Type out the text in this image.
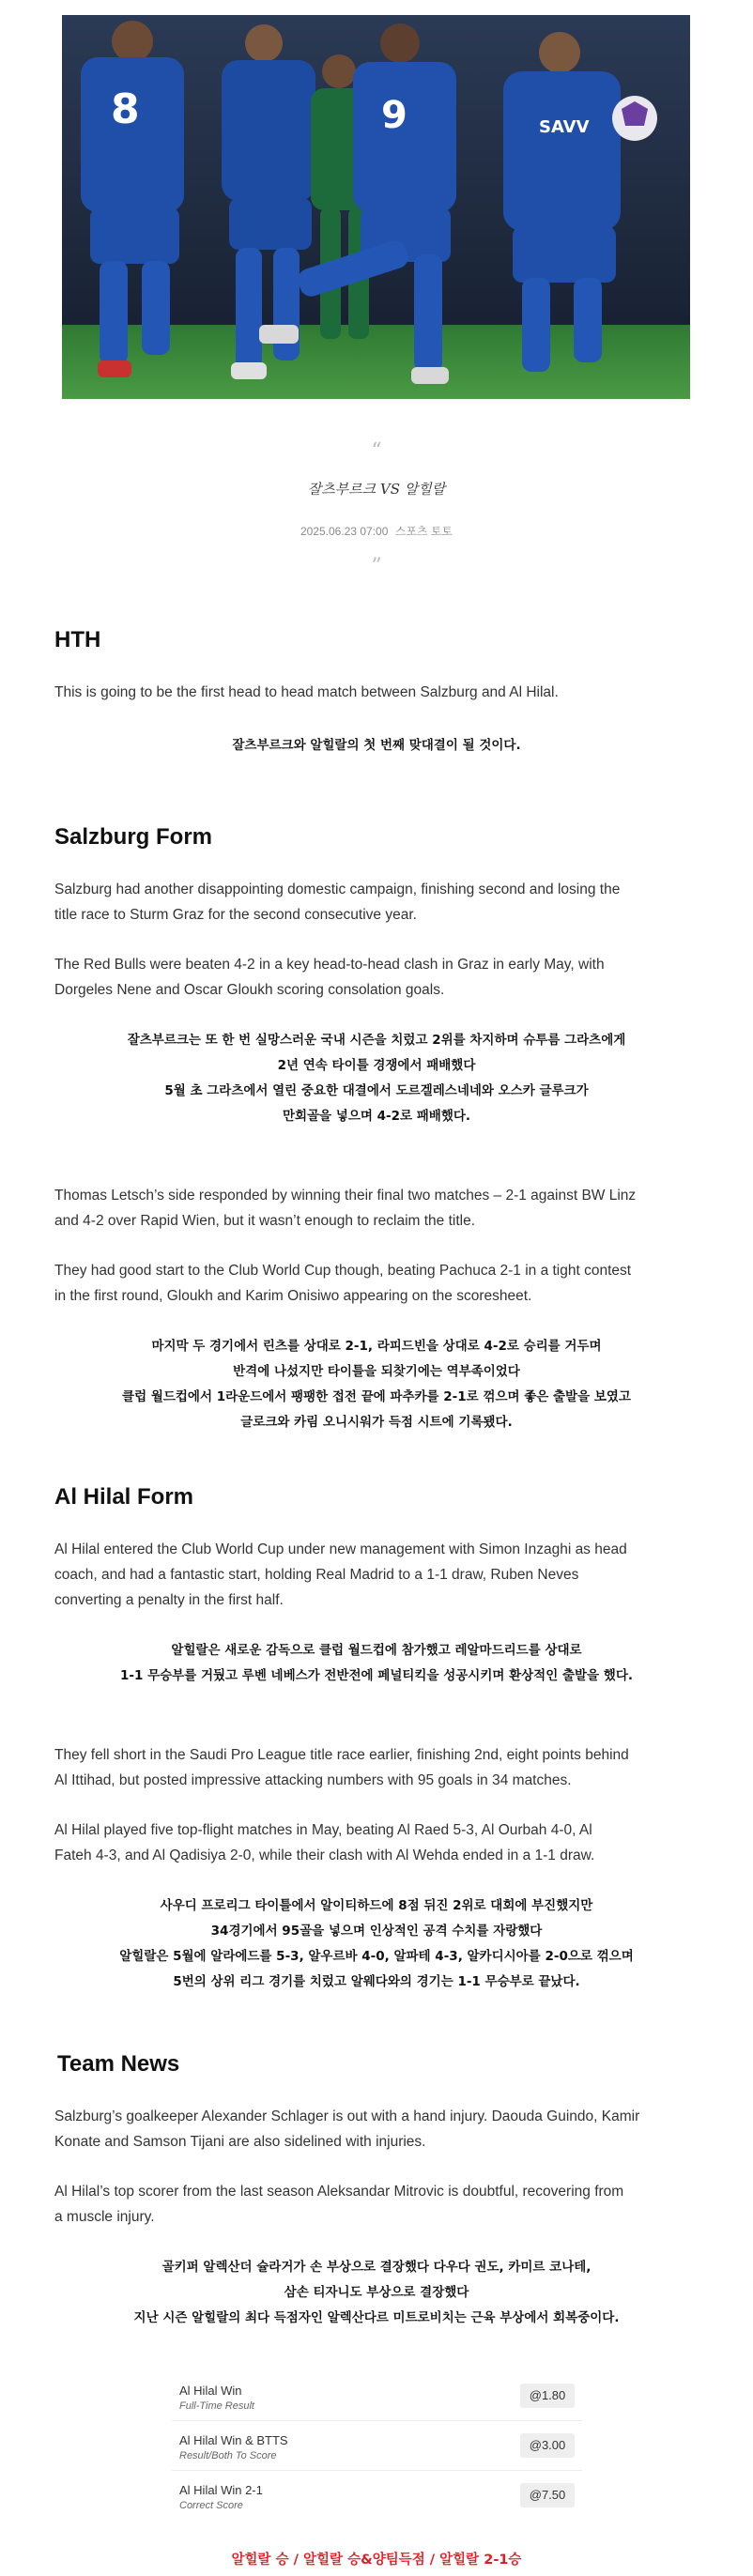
8	9	SAVV
“
잘츠부르크 VS 알힐랄
2025.06.23 07:00 스포츠 토토
”
HTH
This is going to be the first head to head match between Salzburg and Al Hilal.
잘츠부르크와 알힐랄의 첫 번째 맞대결이 될 것이다.
Salzburg Form
Salzburg had another disappointing domestic campaign, finishing second and losing the
title race to Sturm Graz for the second consecutive year.
The Red Bulls were beaten 4-2 in a key head-to-head clash in Graz in early May, with
Dorgeles Nene and Oscar Gloukh scoring consolation goals.
잘츠부르크는 또 한 번 실망스러운 국내 시즌을 치렀고 2위를 차지하며 슈투름 그라츠에게
2년 연속 타이틀 경쟁에서 패배했다
5월 초 그라츠에서 열린 중요한 대결에서 도르겔레스네네와 오스카 글루크가
만회골을 넣으며 4-2로 패배했다.
Thomas Letsch’s side responded by winning their final two matches – 2-1 against BW Linz
and 4-2 over Rapid Wien, but it wasn’t enough to reclaim the title.
They had good start to the Club World Cup though, beating Pachuca 2-1 in a tight contest
in the first round, Gloukh and Karim Onisiwo appearing on the scoresheet.
마지막 두 경기에서 린츠를 상대로 2-1, 라피드빈을 상대로 4-2로 승리를 거두며
반격에 나섰지만 타이틀을 되찾기에는 역부족이었다
클럽 월드컵에서 1라운드에서 팽팽한 접전 끝에 파추카를 2-1로 꺾으며 좋은 출발을 보였고
글로크와 카림 오니시워가 득점 시트에 기록됐다.
Al Hilal Form
Al Hilal entered the Club World Cup under new management with Simon Inzaghi as head
coach, and had a fantastic start, holding Real Madrid to a 1-1 draw, Ruben Neves
converting a penalty in the first half.
알힐랄은 새로운 감독으로 클럽 월드컵에 참가했고 레알마드리드를 상대로
1-1 무승부를 거뒀고 루벤 네베스가 전반전에 페널티킥을 성공시키며 환상적인 출발을 했다.
They fell short in the Saudi Pro League title race earlier, finishing 2nd, eight points behind
Al Ittihad, but posted impressive attacking numbers with 95 goals in 34 matches.
Al Hilal played five top-flight matches in May, beating Al Raed 5-3, Al Ourbah 4-0, Al
Fateh 4-3, and Al Qadisiya 2-0, while their clash with Al Wehda ended in a 1-1 draw.
사우디 프로리그 타이틀에서 알이티하드에 8점 뒤진 2위로 대회에 부진했지만
34경기에서 95골을 넣으며 인상적인 공격 수치를 자랑했다
알힐랄은 5월에 알라에드를 5-3, 알우르바 4-0, 알파테 4-3, 알카디시아를 2-0으로 꺾으며
5번의 상위 리그 경기를 치렀고 알웨다와의 경기는 1-1 무승부로 끝났다.
Team News
Salzburg’s goalkeeper Alexander Schlager is out with a hand injury. Daouda Guindo, Kamir
Konate and Samson Tijani are also sidelined with injuries.
Al Hilal’s top scorer from the last season Aleksandar Mitrovic is doubtful, recovering from
a muscle injury.
골키퍼 알렉산더 슐라거가 손 부상으로 결장했다 다우다 권도, 카미르 코나테,
삼손 티자니도 부상으로 결장했다
지난 시즌 알힐랄의 최다 득점자인 알렉산다르 미트로비치는 근육 부상에서 회복중이다.
Al Hilal Win
Full-Time Result
@1.80
Al Hilal Win & BTTS
Result/Both To Score
@3.00
Al Hilal Win 2-1
Correct Score
@7.50
알힐랄 승 / 알힐랄 승&양팀득점 / 알힐랄 2-1승
